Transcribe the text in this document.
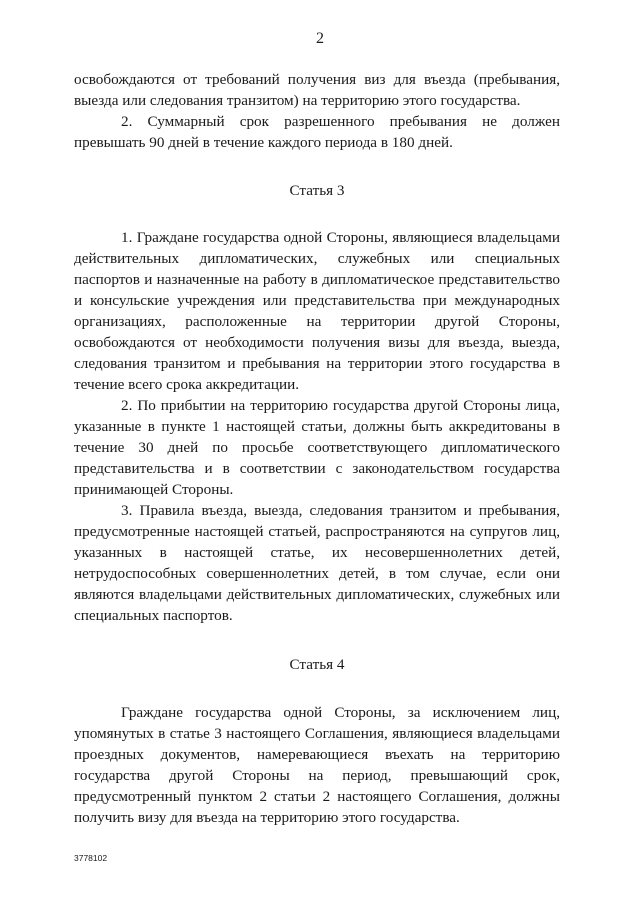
2

освобождаются от требований получения виз для въезда (пребывания, выезда или следования транзитом) на территорию этого государства.

2. Суммарный срок разрешенного пребывания не должен превышать 90 дней в течение каждого периода в 180 дней.

Статья 3

1. Граждане государства одной Стороны, являющиеся владельцами действительных дипломатических, служебных или специальных паспортов и назначенные на работу в дипломатическое представительство и консульские учреждения или представительства при международных организациях, расположенные на территории другой Стороны, освобождаются от необходимости получения визы для въезда, выезда, следования транзитом и пребывания на территории этого государства в течение всего срока аккредитации.

2. По прибытии на территорию государства другой Стороны лица, указанные в пункте 1 настоящей статьи, должны быть аккредитованы в течение 30 дней по просьбе соответствующего дипломатического представительства и в соответствии с законодательством государства принимающей Стороны.

3. Правила въезда, выезда, следования транзитом и пребывания, предусмотренные настоящей статьей, распространяются на супругов лиц, указанных в настоящей статье, их несовершеннолетних детей, нетрудоспособных совершеннолетних детей, в том случае, если они являются владельцами действительных дипломатических, служебных или специальных паспортов.

Статья 4

Граждане государства одной Стороны, за исключением лиц, упомянутых в статье 3 настоящего Соглашения, являющиеся владельцами проездных документов, намеревающиеся въехать на территорию государства другой Стороны на период, превышающий срок, предусмотренный пунктом 2 статьи 2 настоящего Соглашения, должны получить визу для въезда на территорию этого государства.

3778102
